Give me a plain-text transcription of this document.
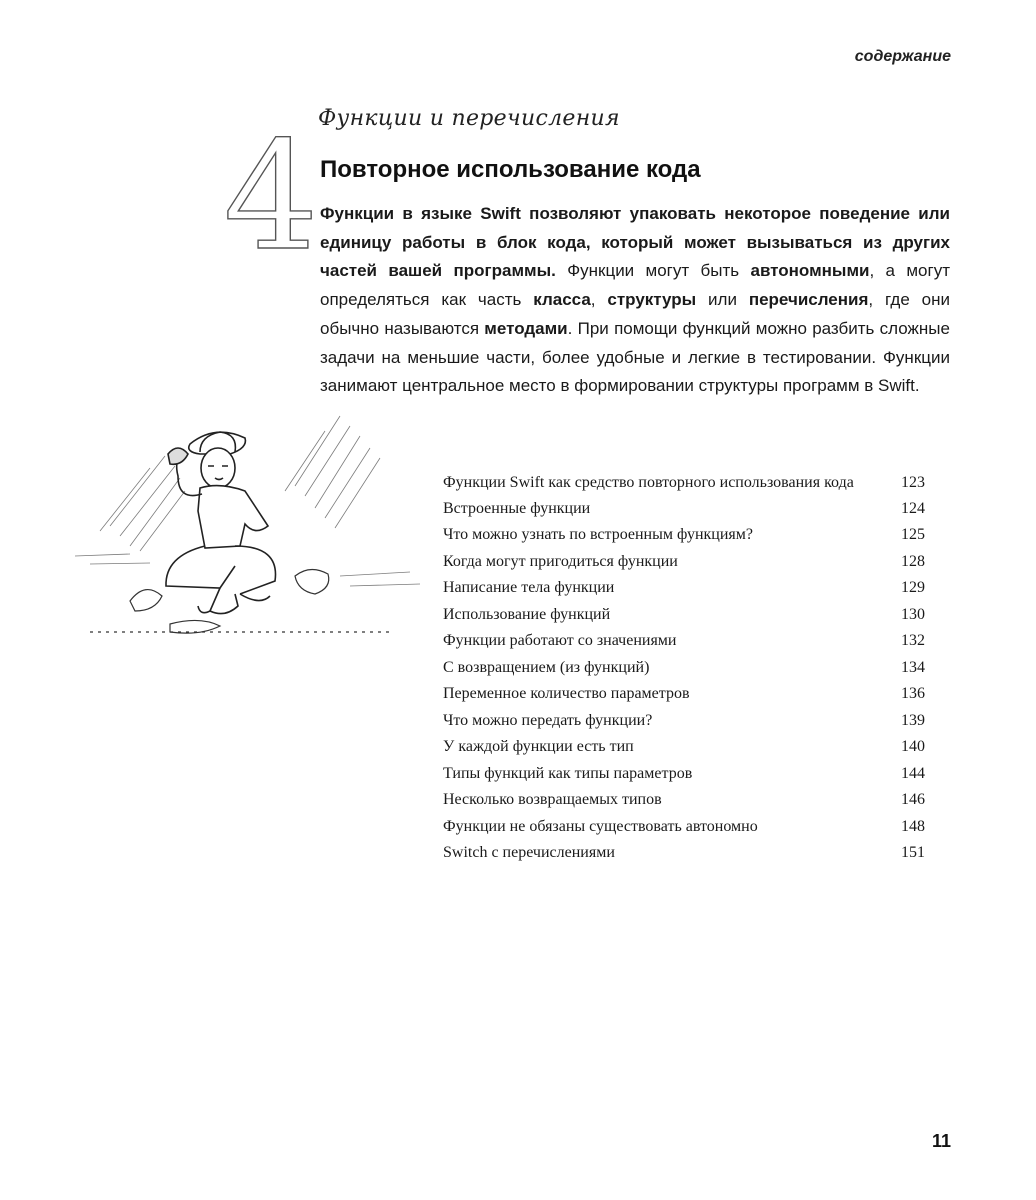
содержание
4 Функции и перечисления
Повторное использование кода
Функции в языке Swift позволяют упаковать некоторое поведение или единицу работы в блок кода, который может вызываться из других частей вашей программы. Функции могут быть автономными, а могут определяться как часть класса, структуры или перечисления, где они обычно называются методами. При помощи функций можно разбить сложные задачи на меньшие части, более удобные и легкие в тестировании. Функции занимают центральное место в формировании структуры программ в Swift.
Функции Swift как средство повторного использования кода	123
Встроенные функции	124
Что можно узнать по встроенным функциям?	125
Когда могут пригодиться функции	128
Написание тела функции	129
Использование функций	130
Функции работают со значениями	132
С возвращением (из функций)	134
Переменное количество параметров	136
Что можно передать функции?	139
У каждой функции есть тип	140
Типы функций как типы параметров	144
Несколько возвращаемых типов	146
Функции не обязаны существовать автономно	148
Switch с перечислениями	151
11
